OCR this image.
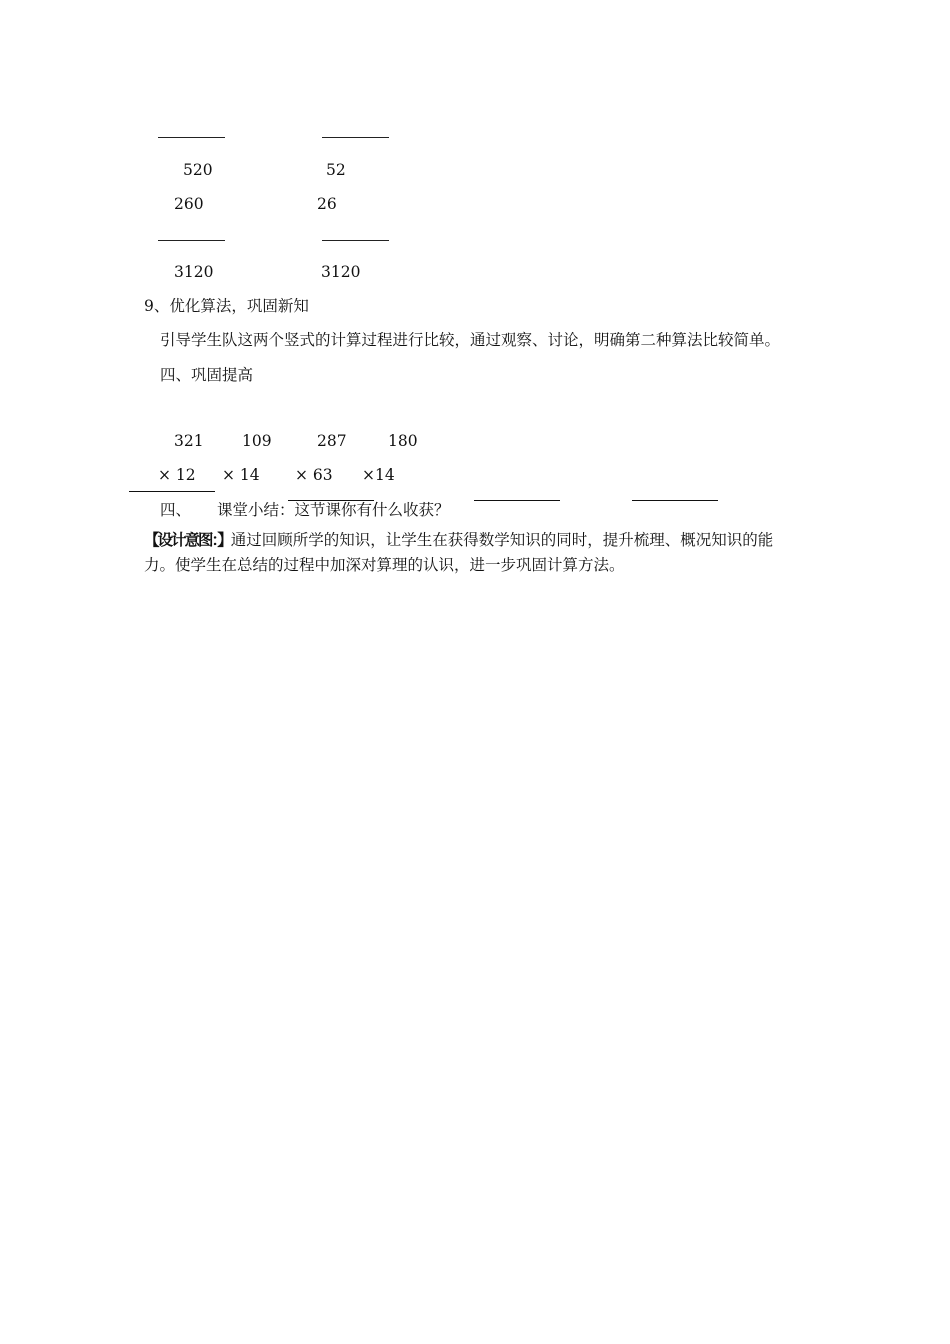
520
260
3120
52
26
3120
9、优化算法，巩固新知
引导学生队这两个竖式的计算过程进行比较，通过观察、讨论，明确第二种算法比较简单。
四、巩固提高
321 109	287	180
× 12 × 14 × 63 ×14
四、 课堂小结：这节课你有什么收获？
【设计意图：】通过回顾所学的知识，让学生在获得数学知识的同时，提升梳理、概况知识的能
力。使学生在总结的过程中加深对算理的认识，进一步巩固计算方法。
